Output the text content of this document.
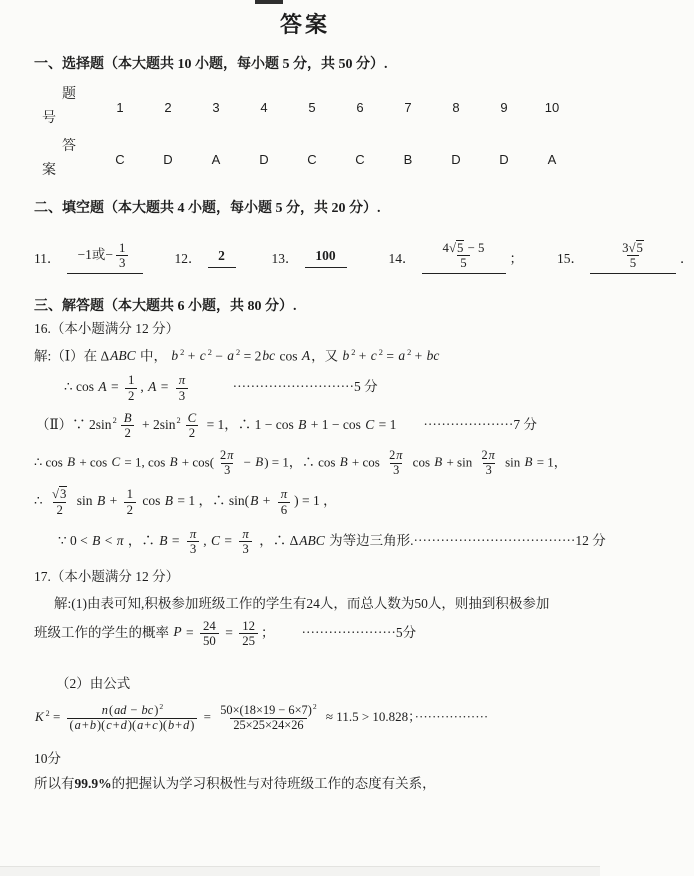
答案
一、选择题（本大题共 10 小题，每小题 5 分，共 50 分）.
题
号
1	2	3	4	5	6	7	8	9	10
答
案
C	D	A	D	C	C	B	D	D	A
二、填空题（本大题共 4 小题，每小题 5 分，共 20 分）.
11．	−1或− $\frac{1}{3}$	12．	2	13．	100	14． $\frac{4 √ 5 - 5}{5}$ ；	15．	$\frac{3 √ 5}{5}$ ．
三、解答题（本大题共 6 小题，共 80 分）.
16.（本小题满分 12 分）
解:（Ⅰ）在 ΔABC 中， b $^2$ + c $^2$ − a $^2$ = 2bc cos A，又 b $^2$ + c $^2$ = a $^2$ + bc
∴ $\cos A = \frac{1}{2}$ , $A = \frac{\pi}{3}$    ···························5 分
（Ⅱ）∵ $2\sin^2 \frac{B}{2} + 2\sin^2 \frac{C}{2} = 1$，∴ 1 − cos B + 1 − cos C = 1  ····················7 分
∴ cos B + cos C = 1, $\cos B + \cos( \frac{2\pi}{3} - B) = 1$，∴ $\cos B + \cos \frac{2\pi}{3}$ $\cos B + \sin \frac{2\pi}{3}$ sin B = 1，
∴ √ $\frac{3}{2}$ $\sin B + \frac{1}{2}$ cos B = 1 ，∴ $\sin(B + \frac{\pi}{6}$ ) = 1 ，
∵ 0 < B < π ，∴ $B = \frac{\pi}{3}$ , $C = \frac{\pi}{3}$ ，∴ ΔABC 为等边三角形.····································12 分
17.（本小题满分 12 分）
解:(1)由表可知,积极参加班级工作的学生有24人，而总人数为50人，则抽到积极参加
班级工作的学生的概率 $P = \frac{24}{50} = \frac{12}{25}$ ；  ·····················5分
（2）由公式
K $^2 = \frac{n(ad - bc)^2}{(a+b)(c+d)(a+c)(b+d)} = \frac{50\times(18\times 19 - 6\times 7)^2}{25\times 25\times 24\times 26} \approx 11.5 > 10.828$；·················
10分
所以有99.9%的把握认为学习积极性与对待班级工作的态度有关系，
